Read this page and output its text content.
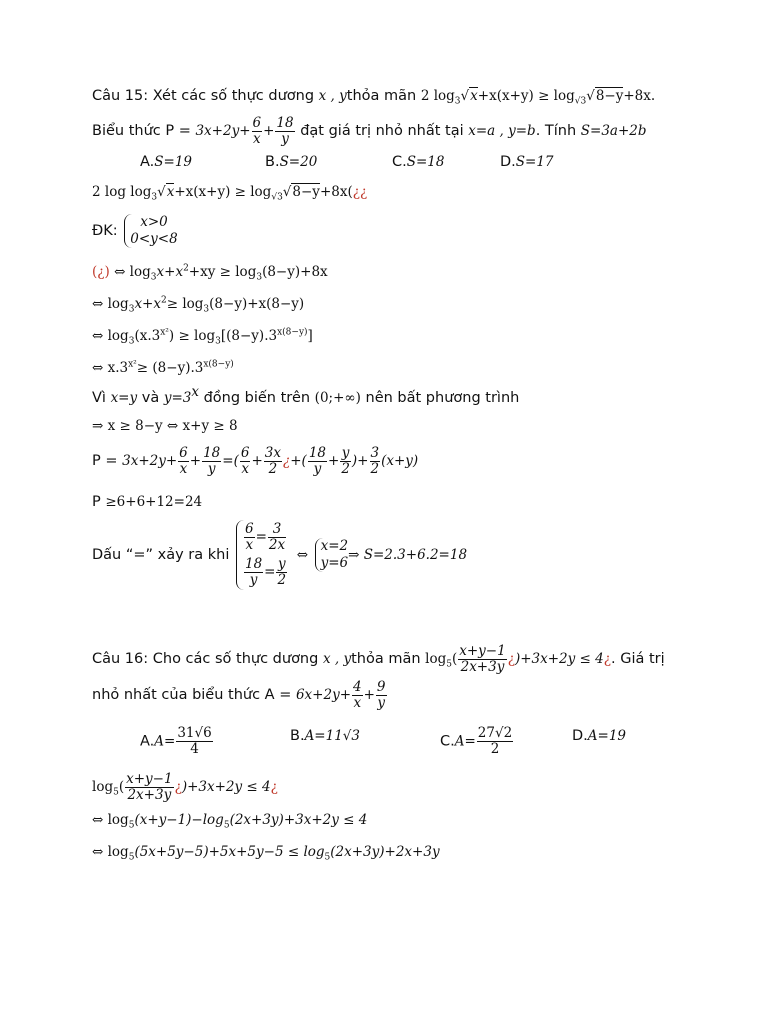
Câu 15: Xét các số thực dương x , ythỏa mãn 2 $\log_3√x+x(x+y) \ge \log_{√3}√8-y+8x$.
Biểu thức $P = 3x+2y+ \frac{6}{x} + \frac{18}{y}$ đạt giá trị nhỏ nhất tại x=a , y=b. Tính S=3a+2b
A.S=19	B.S=20	C.S=18	D.S=17
2 $\log \log_3√x+x(x+y)$ ≥ $\log_{√3}√8-y+8x(¿¿$
ĐK:
x>0
0<y<8
(¿) ⇔ $\log_3x+x^2+xy \ge \log_3(8-y)+8x$
⇔ $\log_3x+x^2\ge \log_3(8-y)+x(8-y)$
⇔ $\log_3(x.3^{x^2}) \ge \log_3[(8-y).3^{x(8-y)}]$
⇔ $x.3^{x^2}\ge (8-y).3^{x(8-y)}$
Vì x=y và $y=3^x$ đồng biến trên (0;+∞) nên bất phương trình
⇒ x ≥ 8−y ⇔ x+y ≥ 8
$P = 3x+2y+ \frac{6}{x} + \frac{18}{y}$ =( $\frac{6}{x} + \frac{3x}{2}$ ¿+( $\frac{18}{y} + \frac{y}{2}$ )+ $\frac{3}{2} (x+y)$
P ≥6+6+12=24
Dấu “=” xảy ra khi
$\frac{6}{x} = \frac{3}{2x}$
$\frac{18}{y} = \frac{y}{2}$
⇔
x=2
y=6 ⇒ S=2.3+6.2=18
Câu 16: Cho các số thực dương x , ythỏa mãn $\log_5( \frac{x+y-1}{2x+3y}$ ¿)+3x+2y ≤ 4¿. Giá trị
nhỏ nhất của biểu thức $A = 6x+2y+ \frac{4}{x} + \frac{9}{y}$
$A.A= \frac{31√6}{4}$	B.A=11√3	$C.A= \frac{27√2}{2}$	D.A=19
$\log_5( \frac{x+y-1}{2x+3y}$ ¿)+3x+2y ≤ 4¿
⇔ $\log_5(x+y-1)-\log_5(2x+3y)+3x+2y \le 4$
⇔ $\log_5(5x+5y-5)+5x+5y-5 \le \log_5(2x+3y)+2x+3y$
